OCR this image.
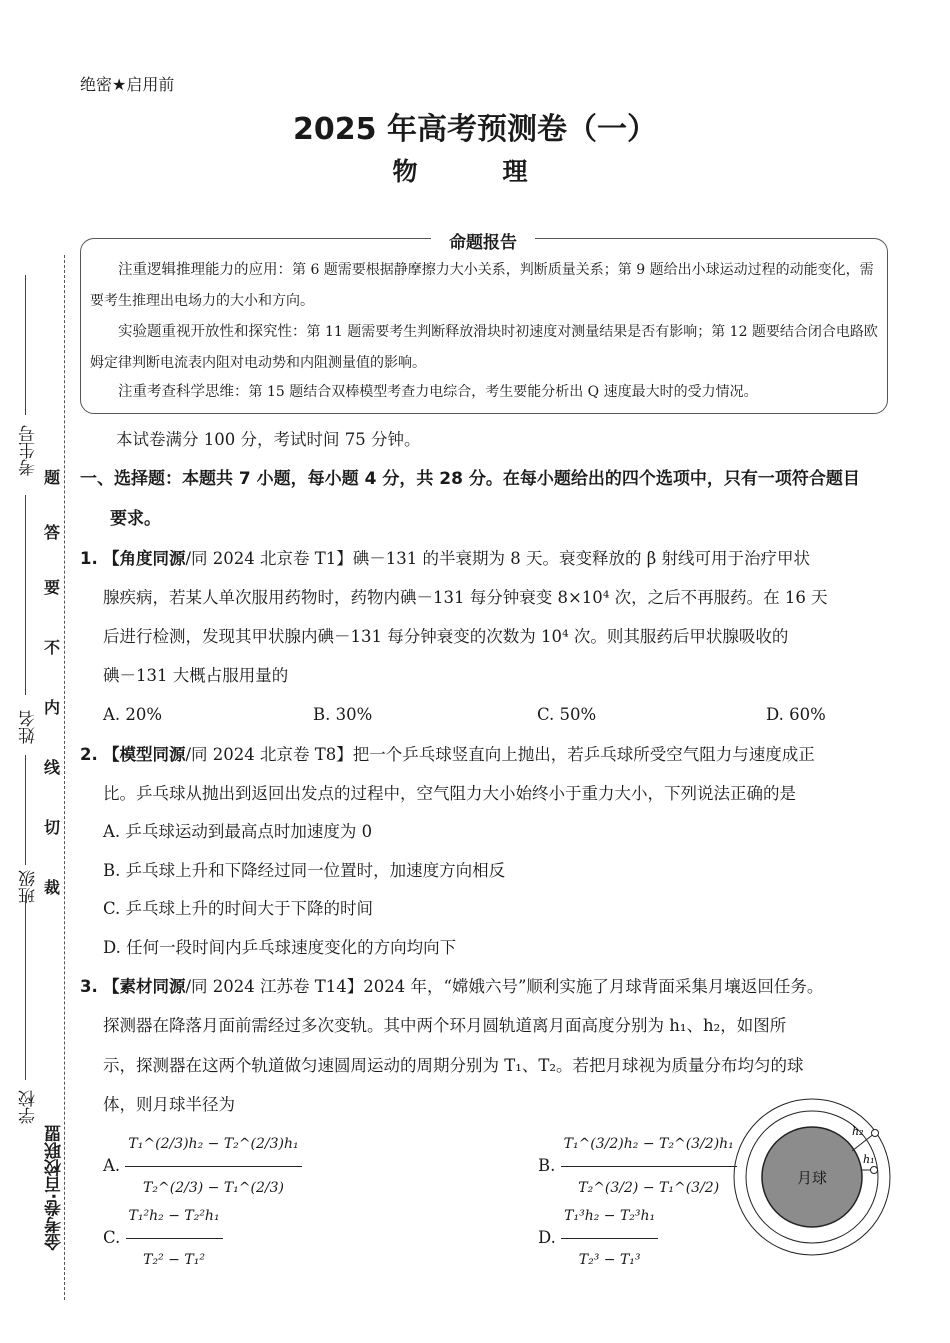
绝密★启用前
2025 年高考预测卷（一）
物　理
命题报告
注重逻辑推理能力的应用：第 6 题需要根据静摩擦力大小关系，判断质量关系；第 9 题给出小球运动过程的动能变化，需要考生推理出电场力的大小和方向。
实验题重视开放性和探究性：第 11 题需要考生判断释放滑块时初速度对测量结果是否有影响；第 12 题要结合闭合电路欧姆定律判断电流表内阻对电动势和内阻测量值的影响。
注重考查科学思维：第 15 题结合双棒模型考查力电综合，考生要能分析出 Q 速度最大时的受力情况。
本试卷满分 100 分，考试时间 75 分钟。
一、选择题：本题共 7 小题，每小题 4 分，共 28 分。在每小题给出的四个选项中，只有一项符合题目
要求。
1. 【角度同源/同 2024 北京卷 T1】碘－131 的半衰期为 8 天。衰变释放的 β 射线可用于治疗甲状
腺疾病，若某人单次服用药物时，药物内碘－131 每分钟衰变 8×10⁴ 次，之后不再服药。在 16 天
后进行检测，发现其甲状腺内碘－131 每分钟衰变的次数为 10⁴ 次。则其服药后甲状腺吸收的
碘－131 大概占服用量的
A. 20%	B. 30%	C. 50%	D. 60%
2. 【模型同源/同 2024 北京卷 T8】把一个乒乓球竖直向上抛出，若乒乓球所受空气阻力与速度成正
比。乒乓球从抛出到返回出发点的过程中，空气阻力大小始终小于重力大小，下列说法正确的是
A. 乒乓球运动到最高点时加速度为 0
B. 乒乓球上升和下降经过同一位置时，加速度方向相反
C. 乒乓球上升的时间大于下降的时间
D. 任何一段时间内乒乓球速度变化的方向均向下
3. 【素材同源/同 2024 江苏卷 T14】2024 年，“嫦娥六号”顺利实施了月球背面采集月壤返回任务。
探测器在降落月面前需经过多次变轨。其中两个环月圆轨道离月面高度分别为 h₁、h₂，如图所
示，探测器在这两个轨道做匀速圆周运动的周期分别为 T₁、T₂。若把月球视为质量分布均匀的球
体，则月球半径为
A. $\frac{\text{T₁\textasciicircum{}(2/3)h₂ − T₂\textasciicircum{}(2/3)h₁}}{\text{T₂\textasciicircum{}(2/3) − T₁\textasciicircum{}(2/3)}}$	B. $\frac{\text{T₁\textasciicircum{}(3/2)h₂ − T₂\textasciicircum{}(3/2)h₁}}{\text{T₂\textasciicircum{}(3/2) − T₁\textasciicircum{}(3/2)}}$
C. $\frac{\text{T₁²h₂ − T₂²h₁}}{\text{T₂² − T₁²}}$	D. $\frac{\text{T₁³h₂ − T₂³h₁}}{\text{T₂³ − T₁³}}$
月球
h₂
h₁
考生号
姓名
班级
学校
金考卷·百校联盟
裁
切
线
内
不
要
答
题
